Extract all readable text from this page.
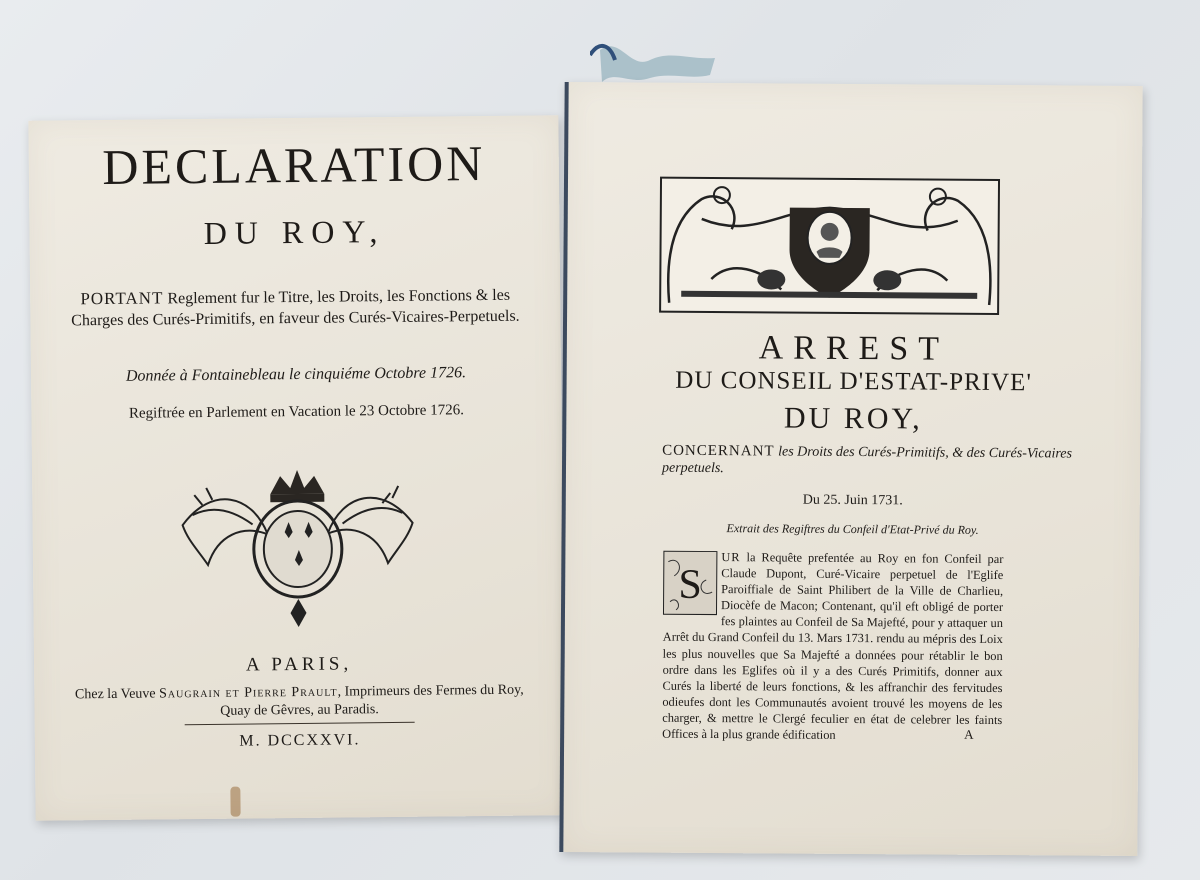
DECLARATION
DU ROY,
PORTANT Reglement fur le Titre, les Droits, les Fonctions & les Charges des Curés-Primitifs, en faveur des Curés-Vicaires-Perpetuels.
Donnée à Fontainebleau le cinquiéme Octobre 1726.
Regiftrée en Parlement en Vacation le 23 Octobre 1726.
A PARIS,
Chez la Veuve Saugrain et Pierre Prault, Imprimeurs des Fermes du Roy, Quay de Gêvres, au Paradis.
M. DCCXXVI.
ARREST
DU CONSEIL D'ESTAT-PRIVE'
DU ROY,
CONCERNANT les Droits des Curés-Primitifs, & des Curés-Vicaires perpetuels.
Du 25. Juin 1731.
Extrait des Regiftres du Confeil d'Etat-Privé du Roy.
S
UR la Requête prefentée au Roy en fon Confeil par Claude Dupont, Curé-Vicaire perpetuel de l'Eglife Paroiffiale de Saint Philibert de la Ville de Charlieu, Diocèfe de Macon; Contenant, qu'il eft obligé de porter fes plaintes au Confeil de Sa Majefté, pour y attaquer un Arrêt du Grand Confeil du 13. Mars 1731. rendu au mépris des Loix les plus nouvelles que Sa Majefté a données pour rétablir le bon ordre dans les Eglifes où il y a des Curés Primitifs, donner aux Curés la liberté de leurs fonctions, & les affranchir des fervitudes odieufes dont les Communautés avoient trouvé les moyens de les charger, & mettre le Clergé feculier en état de celebrer les faints Offices à la plus grande édification	A
